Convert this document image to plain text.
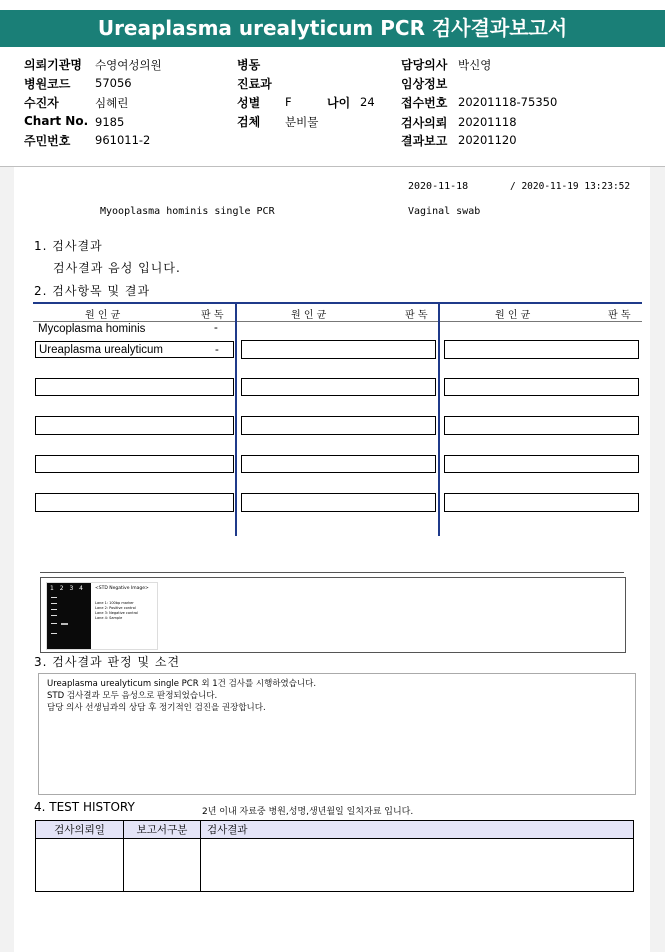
Ureaplasma urealyticum PCR 검사결과보고서
의뢰기관명 수영여성의원
병원코드 57056
수진자	심혜린
Chart No. 9185
주민번호 961011-2
병동
진료과
성별 F	나이 24
검체 분비물
담당의사 박신영
임상정보
접수번호 20201118-75350
검사의뢰 20201118
결과보고 20201120
2020-11-18	/ 2020-11-19 13:23:52
Myooplasma hominis single PCR	Vaginal swab
1. 검사결과
검사결과 음성 입니다.
2. 검사항목 및 결과
원 인 균	판 독	원 인 균	판 독	원 인 균	판 독
Mycoplasma hominis	-
Ureaplasma urealyticum	-
1 2 3 4 <STD Negative Image>
Lane 1: 100bp marker
Lane 2: Positive control
Lane 3: Negative control
Lane 4: Sample
3. 검사결과 판정 및 소견
Ureaplasma urealyticum single PCR 외 1건 검사를 시행하였습니다.
STD 검사결과 모두 음성으로 판정되었습니다.
담당 의사 선생님과의 상담 후 정기적인 검진을 권장합니다.
4. TEST HISTORY	2년 이내 자료중 병원,성명,생년월일 일치자료 입니다.
검사의뢰일	보고서구분	검사결과
